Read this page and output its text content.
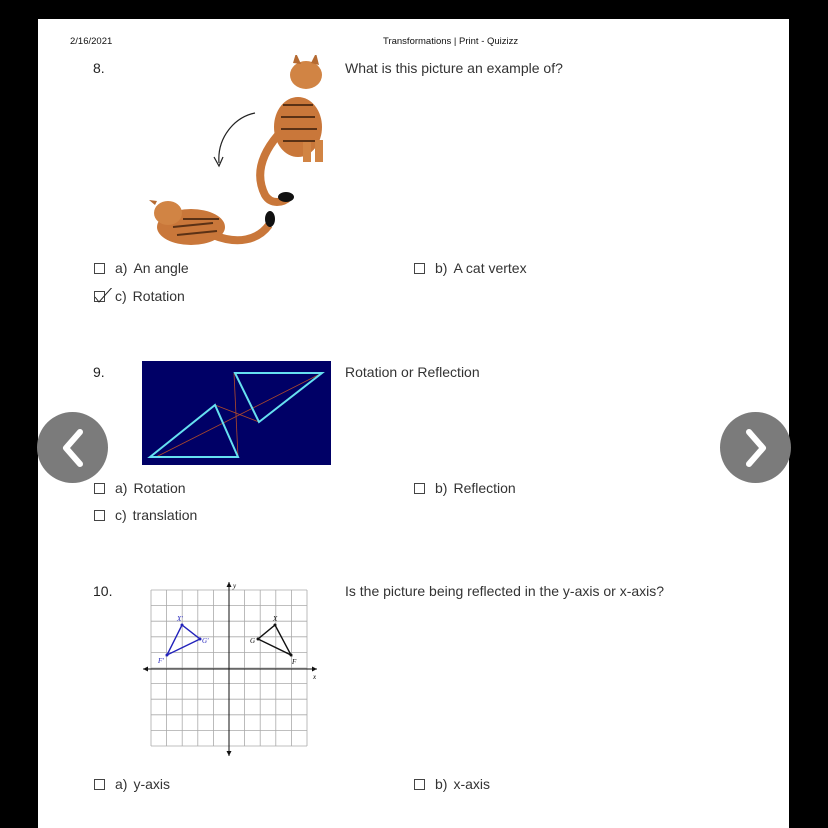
2/16/2021	Transformations | Print - Quizizz
8.	What is this picture an example of?
a) An angle	b) A cat vertex
c) Rotation
9.	Rotation or Reflection
a) Rotation	b) Reflection
c) translation
10.	Is the picture being reflected in the y-axis or x-axis?
x
y
X'
G'
F'
X
G
F
a) y-axis	b) x-axis
